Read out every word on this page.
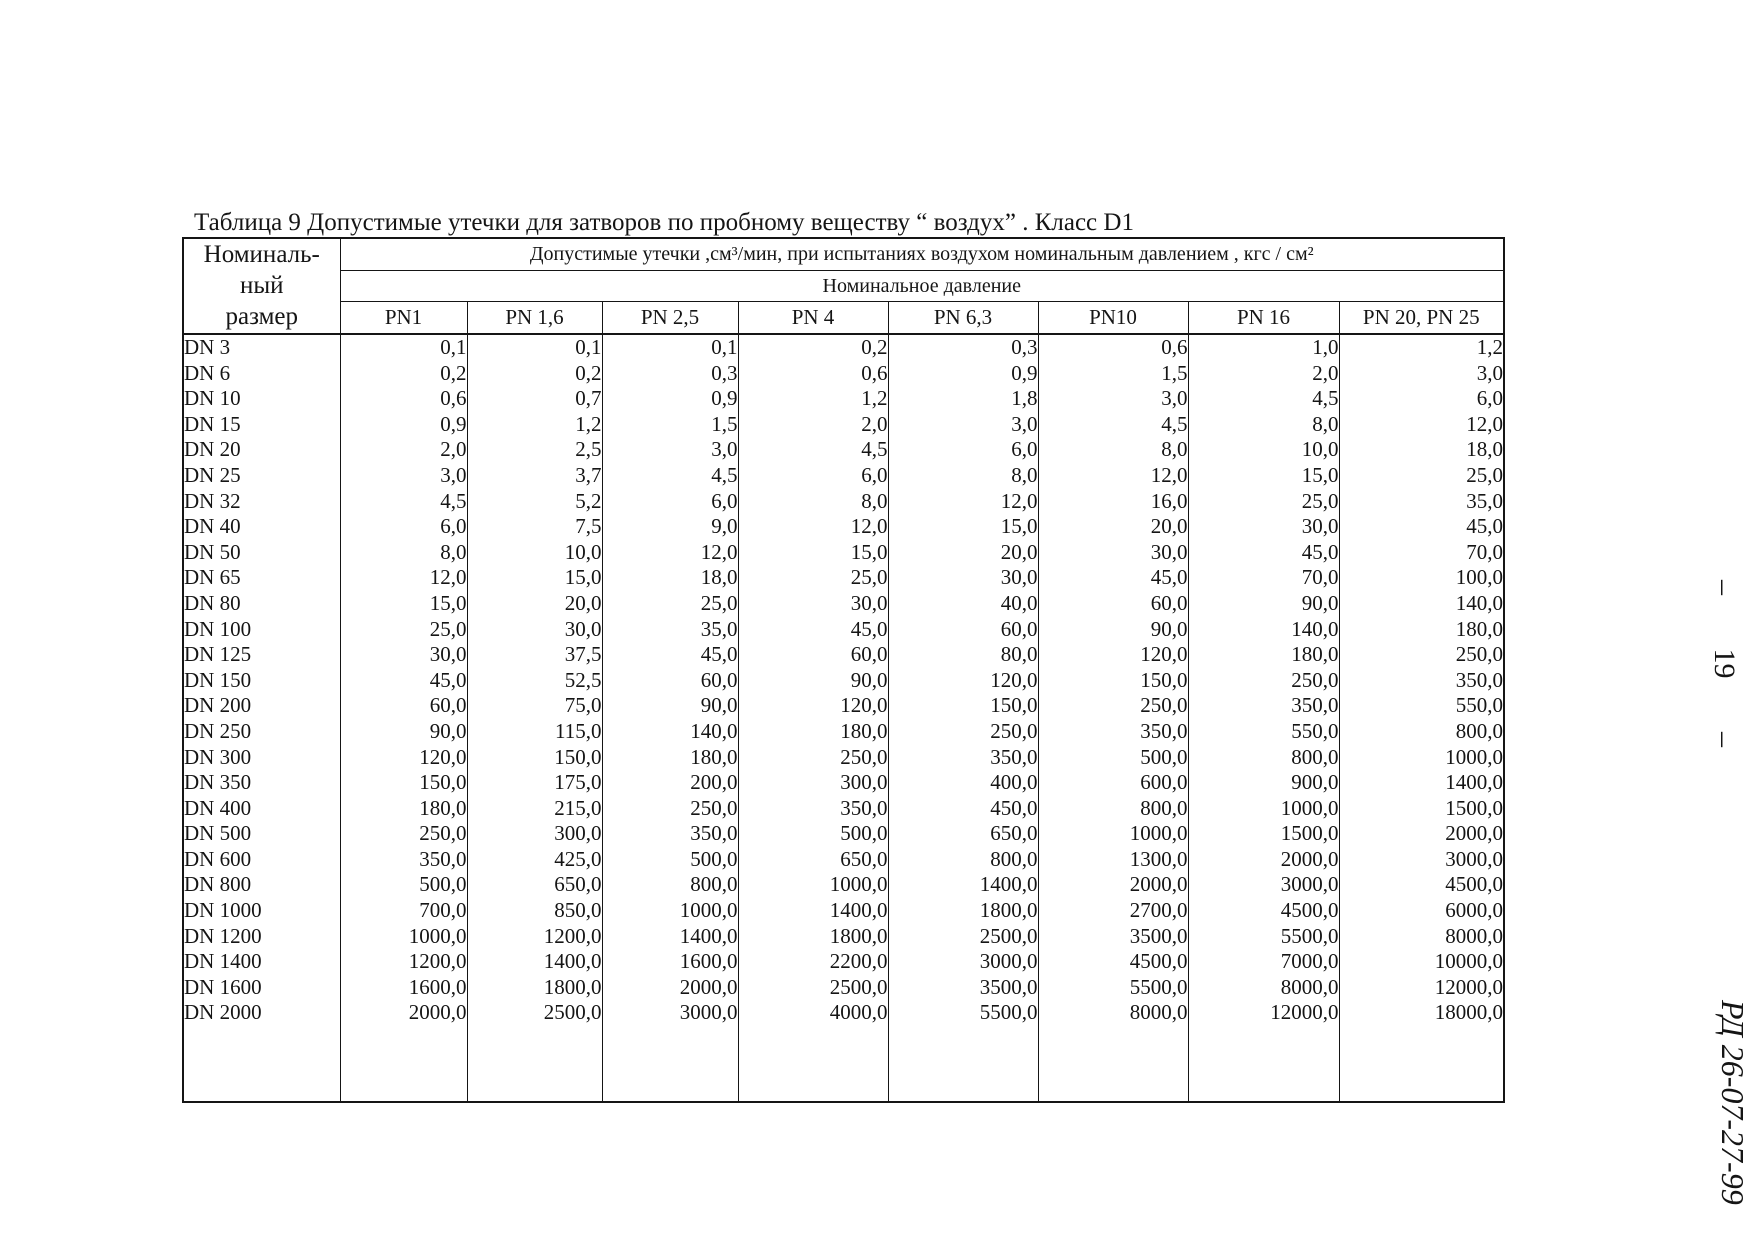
Таблица 9 Допустимые утечки для затворов по пробному веществу “ воздух” . Класс D1
Номиналь-
ный
размер	Допустимые утечки ,см³/мин, при испытаниях воздухом номинальным давлением , кгс / см²							
	Номинальное давление							
	PN1	PN 1,6	PN 2,5	PN 4	PN 6,3	PN10	PN 16	PN 20, PN 25
DN 3	0,1	0,1	0,1	0,2	0,3	0,6	1,0	1,2
DN 6	0,2	0,2	0,3	0,6	0,9	1,5	2,0	3,0
DN 10	0,6	0,7	0,9	1,2	1,8	3,0	4,5	6,0
DN 15	0,9	1,2	1,5	2,0	3,0	4,5	8,0	12,0
DN 20	2,0	2,5	3,0	4,5	6,0	8,0	10,0	18,0
DN 25	3,0	3,7	4,5	6,0	8,0	12,0	15,0	25,0
DN 32	4,5	5,2	6,0	8,0	12,0	16,0	25,0	35,0
DN 40	6,0	7,5	9,0	12,0	15,0	20,0	30,0	45,0
DN 50	8,0	10,0	12,0	15,0	20,0	30,0	45,0	70,0
DN 65	12,0	15,0	18,0	25,0	30,0	45,0	70,0	100,0
DN 80	15,0	20,0	25,0	30,0	40,0	60,0	90,0	140,0
DN 100	25,0	30,0	35,0	45,0	60,0	90,0	140,0	180,0
DN 125	30,0	37,5	45,0	60,0	80,0	120,0	180,0	250,0
DN 150	45,0	52,5	60,0	90,0	120,0	150,0	250,0	350,0
DN 200	60,0	75,0	90,0	120,0	150,0	250,0	350,0	550,0
DN 250	90,0	115,0	140,0	180,0	250,0	350,0	550,0	800,0
DN 300	120,0	150,0	180,0	250,0	350,0	500,0	800,0	1000,0
DN 350	150,0	175,0	200,0	300,0	400,0	600,0	900,0	1400,0
DN 400	180,0	215,0	250,0	350,0	450,0	800,0	1000,0	1500,0
DN 500	250,0	300,0	350,0	500,0	650,0	1000,0	1500,0	2000,0
DN 600	350,0	425,0	500,0	650,0	800,0	1300,0	2000,0	3000,0
DN 800	500,0	650,0	800,0	1000,0	1400,0	2000,0	3000,0	4500,0
DN 1000	700,0	850,0	1000,0	1400,0	1800,0	2700,0	4500,0	6000,0
DN 1200	1000,0	1200,0	1400,0	1800,0	2500,0	3500,0	5500,0	8000,0
DN 1400	1200,0	1400,0	1600,0	2200,0	3000,0	4500,0	7000,0	10000,0
DN 1600	1600,0	1800,0	2000,0	2500,0	3500,0	5500,0	8000,0	12000,0
DN 2000	2000,0	2500,0	3000,0	4000,0	5500,0	8000,0	12000,0	18000,0

– 19 –
РД 26-07-27-99
